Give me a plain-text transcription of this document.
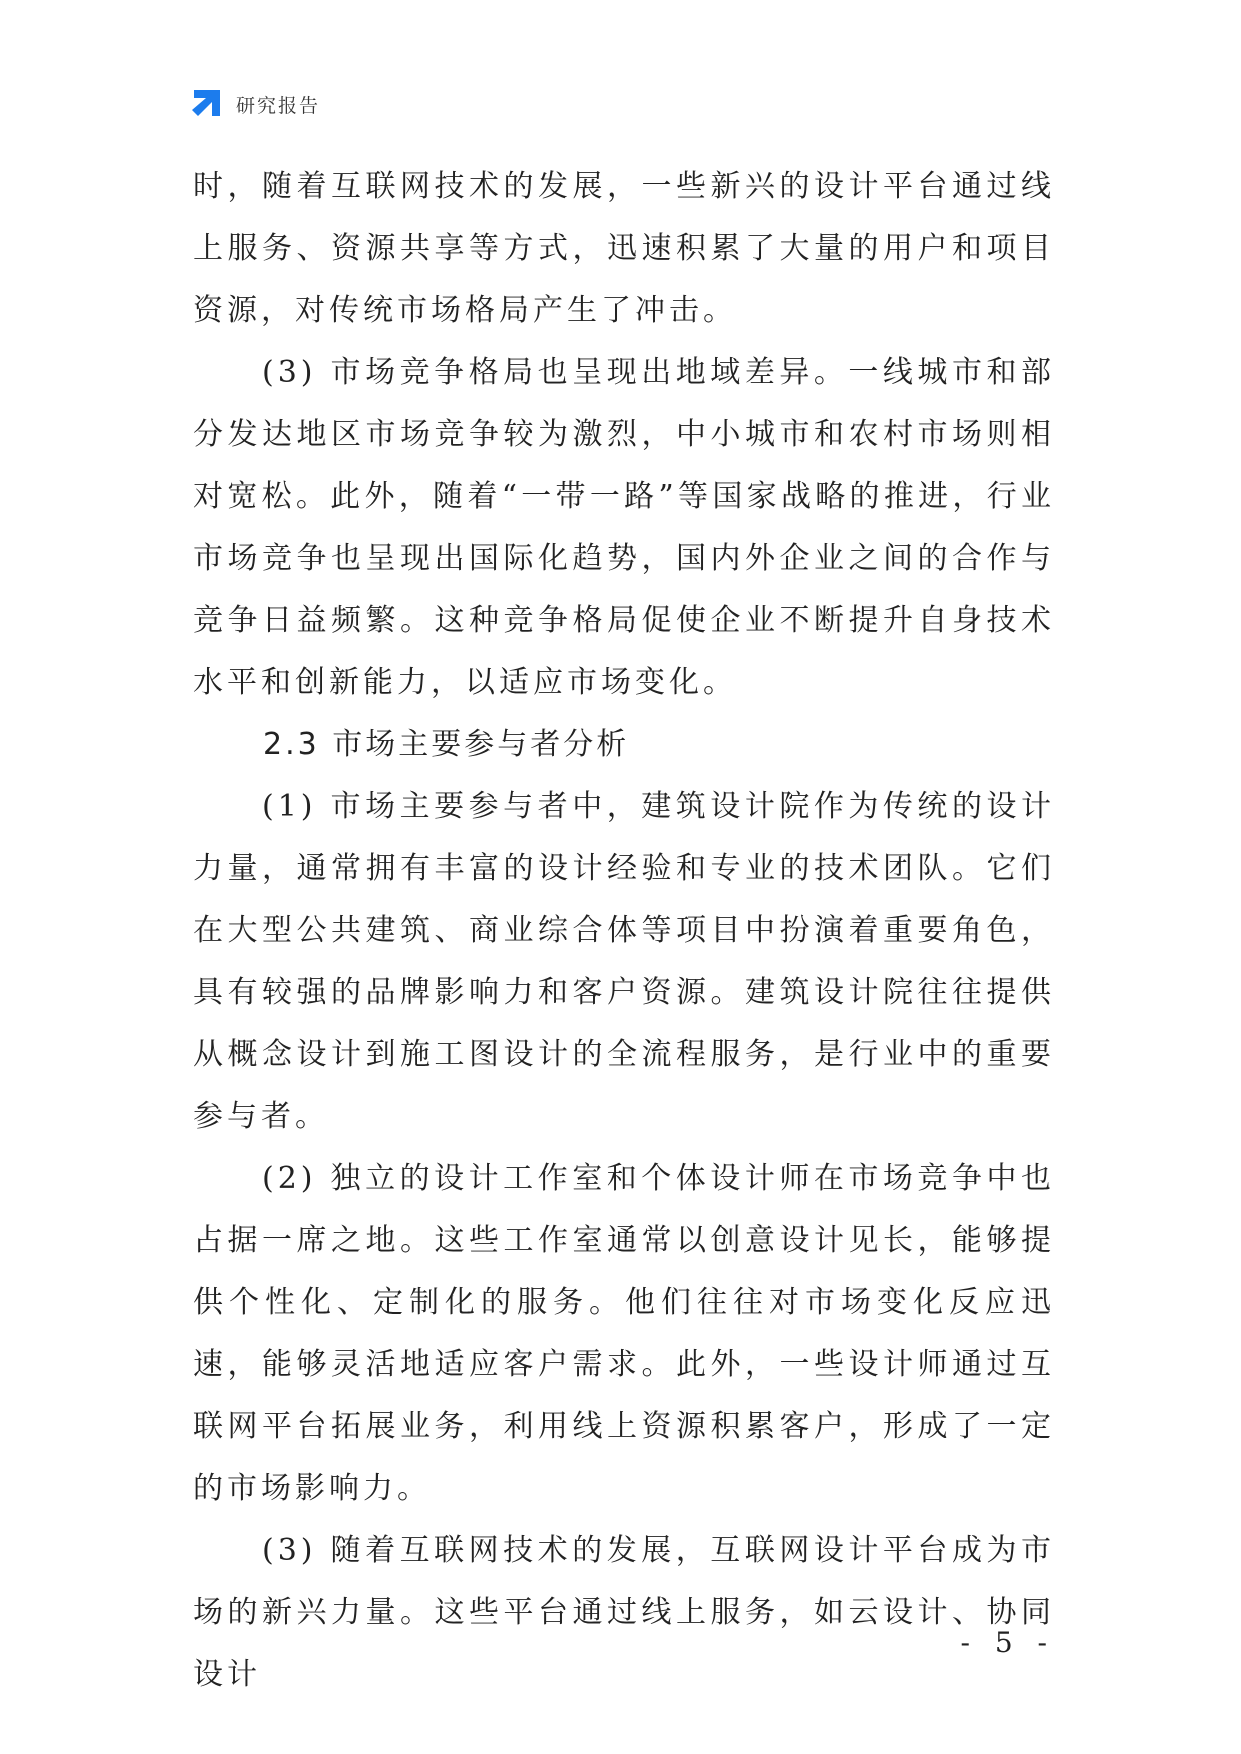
研究报告

时，随着互联网技术的发展，一些新兴的设计平台通过线上服务、资源共享等方式，迅速积累了大量的用户和项目资源，对传统市场格局产生了冲击。

(3) 市场竞争格局也呈现出地域差异。一线城市和部分发达地区市场竞争较为激烈，中小城市和农村市场则相对宽松。此外，随着“一带一路”等国家战略的推进，行业市场竞争也呈现出国际化趋势，国内外企业之间的合作与竞争日益频繁。这种竞争格局促使企业不断提升自身技术水平和创新能力，以适应市场变化。

2.3 市场主要参与者分析

(1) 市场主要参与者中，建筑设计院作为传统的设计力量，通常拥有丰富的设计经验和专业的技术团队。它们在大型公共建筑、商业综合体等项目中扮演着重要角色，具有较强的品牌影响力和客户资源。建筑设计院往往提供从概念设计到施工图设计的全流程服务，是行业中的重要参与者。

(2) 独立的设计工作室和个体设计师在市场竞争中也占据一席之地。这些工作室通常以创意设计见长，能够提供个性化、定制化的服务。他们往往对市场变化反应迅速，能够灵活地适应客户需求。此外，一些设计师通过互联网平台拓展业务，利用线上资源积累客户，形成了一定的市场影响力。

(3) 随着互联网技术的发展，互联网设计平台成为市场的新兴力量。这些平台通过线上服务，如云设计、协同设计

- 5 -
